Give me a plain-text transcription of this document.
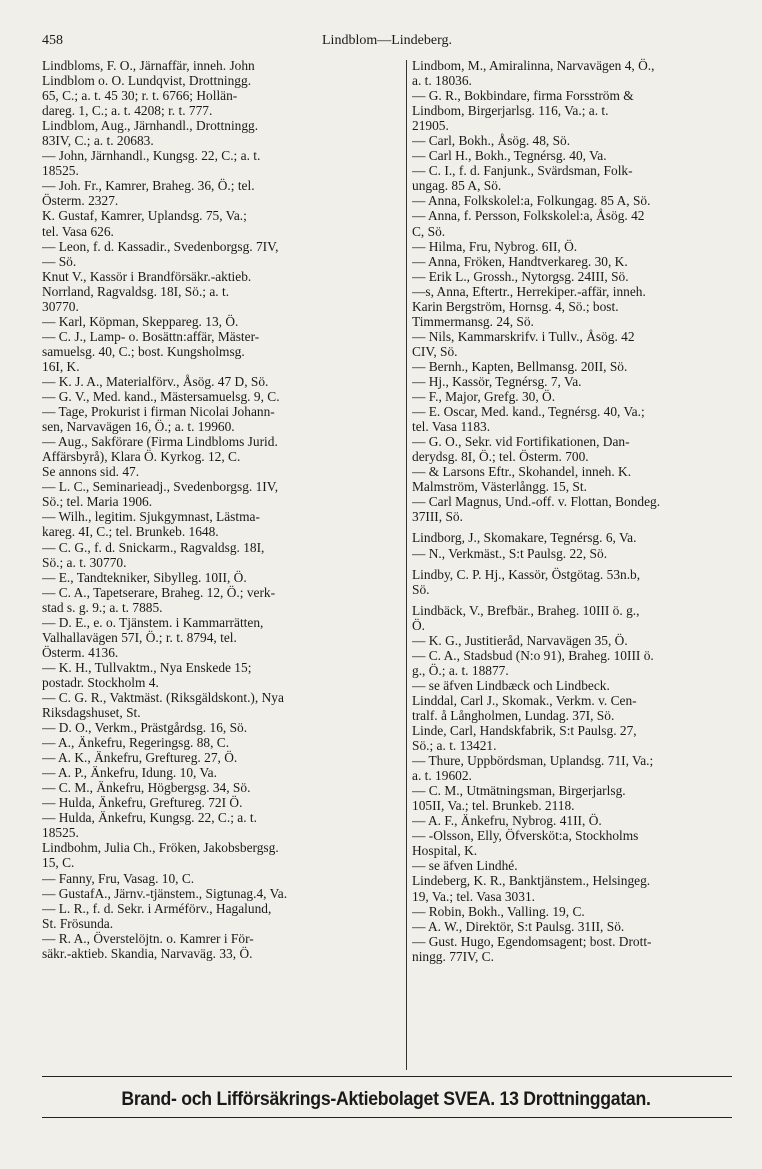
458	Lindblom—Lindeberg.
Lindbloms, F. O., Järnaffär, inneh. John
Lindblom o. O. Lundqvist, Drottningg.
65, C.; a. t. 45 30; r. t. 6766; Hollän-
dareg. 1, C.; a. t. 4208; r. t. 777.
Lindblom, Aug., Järnhandl., Drottningg.
83IV, C.; a. t. 20683.
— John, Järnhandl., Kungsg. 22, C.; a. t.
18525.
— Joh. Fr., Kamrer, Braheg. 36, Ö.; tel.
Österm. 2327.
K. Gustaf, Kamrer, Uplandsg. 75, Va.;
tel. Vasa 626.
— Leon, f. d. Kassadir., Svedenborgsg. 7IV,
— Sö.
Knut V., Kassör i Brandförsäkr.-aktieb.
Norrland, Ragvaldsg. 18I, Sö.; a. t.
30770.
— Karl, Köpman, Skeppareg. 13, Ö.
— C. J., Lamp- o. Bosättn:affär, Mäster-
samuelsg. 40, C.; bost. Kungsholmsg.
16I, K.
— K. J. A., Materialförv., Åsög. 47 D, Sö.
— G. V., Med. kand., Mästersamuelsg. 9, C.
— Tage, Prokurist i firman Nicolai Johann-
sen, Narvavägen 16, Ö.; a. t. 19960.
— Aug., Sakförare (Firma Lindbloms Jurid.
Affärsbyrå), Klara Ö. Kyrkog. 12, C.
Se annons sid. 47.
— L. C., Seminarieadj., Svedenborgsg. 1IV,
Sö.; tel. Maria 1906.
— Wilh., legitim. Sjukgymnast, Lästma-
kareg. 4I, C.; tel. Brunkeb. 1648.
— C. G., f. d. Snickarm., Ragvaldsg. 18I,
Sö.; a. t. 30770.
— E., Tandtekniker, Sibylleg. 10II, Ö.
— C. A., Tapetserare, Braheg. 12, Ö.; verk-
stad s. g. 9.; a. t. 7885.
— D. E., e. o. Tjänstem. i Kammarrätten,
Valhallavägen 57I, Ö.; r. t. 8794, tel.
Österm. 4136.
— K. H., Tullvaktm., Nya Enskede 15;
postadr. Stockholm 4.
— C. G. R., Vaktmäst. (Riksgäldskont.), Nya
Riksdagshuset, St.
— D. O., Verkm., Prästgårdsg. 16, Sö.
— A., Änkefru, Regeringsg. 88, C.
— A. K., Änkefru, Greftureg. 27, Ö.
— A. P., Änkefru, Idung. 10, Va.
— C. M., Änkefru, Högbergsg. 34, Sö.
— Hulda, Änkefru, Greftureg. 72I Ö.
— Hulda, Änkefru, Kungsg. 22, C.; a. t.
18525.
Lindbohm, Julia Ch., Fröken, Jakobsbergsg.
15, C.
— Fanny, Fru, Vasag. 10, C.
— GustafA., Järnv.-tjänstem., Sigtunag.4, Va.
— L. R., f. d. Sekr. i Arméförv., Hagalund,
St. Frösunda.
— R. A., Överstelöjtn. o. Kamrer i För-
säkr.-aktieb. Skandia, Narvaväg. 33, Ö.
Lindbom, M., Amiralinna, Narvavägen 4, Ö.,
a. t. 18036.
— G. R., Bokbindare, firma Forsström &
Lindbom, Birgerjarlsg. 116, Va.; a. t.
21905.
— Carl, Bokh., Åsög. 48, Sö.
— Carl H., Bokh., Tegnérsg. 40, Va.
— C. I., f. d. Fanjunk., Svärdsman, Folk-
ungag. 85 A, Sö.
— Anna, Folkskolel:a, Folkungag. 85 A, Sö.
— Anna, f. Persson, Folkskolel:a, Åsög. 42
C, Sö.
— Hilma, Fru, Nybrog. 6II, Ö.
— Anna, Fröken, Handtverkareg. 30, K.
— Erik L., Grossh., Nytorgsg. 24III, Sö.
—s, Anna, Eftertr., Herrekiper.-affär, inneh.
Karin Bergström, Hornsg. 4, Sö.; bost.
Timmermansg. 24, Sö.
— Nils, Kammarskrifv. i Tullv., Åsög. 42
CIV, Sö.
— Bernh., Kapten, Bellmansg. 20II, Sö.
— Hj., Kassör, Tegnérsg. 7, Va.
— F., Major, Grefg. 30, Ö.
— E. Oscar, Med. kand., Tegnérsg. 40, Va.;
tel. Vasa 1183.
— G. O., Sekr. vid Fortifikationen, Dan-
derydsg. 8I, Ö.; tel. Österm. 700.
— & Larsons Eftr., Skohandel, inneh. K.
Malmström, Västerlångg. 15, St.
— Carl Magnus, Und.-off. v. Flottan, Bondeg.
37III, Sö.
Lindborg, J., Skomakare, Tegnérsg. 6, Va.
— N., Verkmäst., S:t Paulsg. 22, Sö.
Lindby, C. P. Hj., Kassör, Östgötag. 53n.b,
Sö.
Lindbäck, V., Brefbär., Braheg. 10III ö. g.,
Ö.
— K. G., Justitieråd, Narvavägen 35, Ö.
— C. A., Stadsbud (N:o 91), Braheg. 10III ö.
g., Ö.; a. t. 18877.
— se äfven Lindbæck och Lindbeck.
Linddal, Carl J., Skomak., Verkm. v. Cen-
tralf. å Långholmen, Lundag. 37I, Sö.
Linde, Carl, Handskfabrik, S:t Paulsg. 27,
Sö.; a. t. 13421.
— Thure, Uppbördsman, Uplandsg. 71I, Va.;
a. t. 19602.
— C. M., Utmätningsman, Birgerjarlsg.
105II, Va.; tel. Brunkeb. 2118.
— A. F., Änkefru, Nybrog. 41II, Ö.
— -Olsson, Elly, Öfversköt:a, Stockholms
Hospital, K.
— se äfven Lindhé.
Lindeberg, K. R., Banktjänstem., Helsingeg.
19, Va.; tel. Vasa 3031.
— Robin, Bokh., Valling. 19, C.
— A. W., Direktör, S:t Paulsg. 31II, Sö.
— Gust. Hugo, Egendomsagent; bost. Drott-
ningg. 77IV, C.
Brand- och Lifförsäkrings-Aktiebolaget SVEA. 13 Drottninggatan.
